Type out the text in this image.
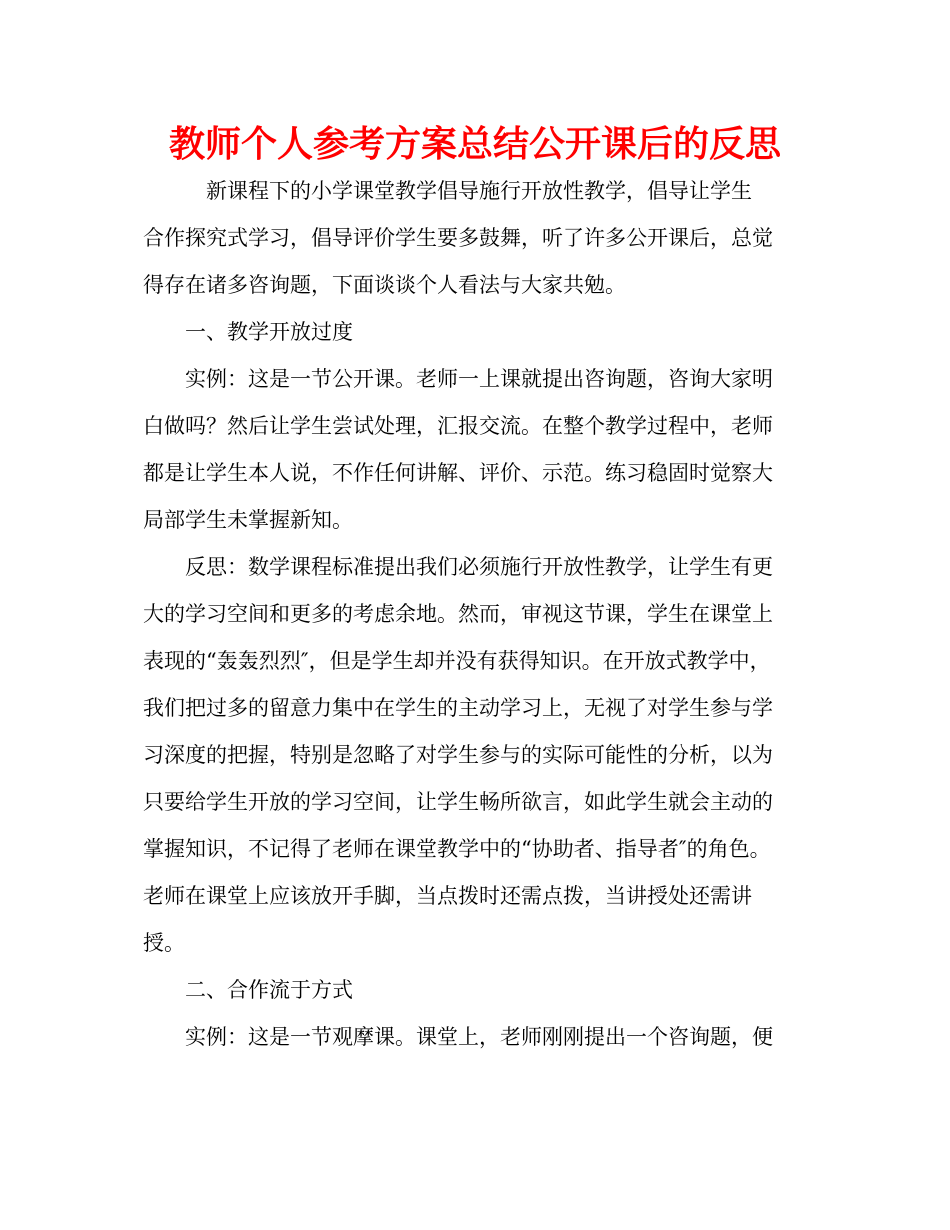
教师个人参考方案总结公开课后的反思
　　　新课程下的小学课堂教学倡导施行开放性教学，倡导让学生
合作探究式学习，倡导评价学生要多鼓舞，听了许多公开课后，总觉
得存在诸多咨询题，下面谈谈个人看法与大家共勉。
　　一、教学开放过度
　　实例：这是一节公开课。老师一上课就提出咨询题，咨询大家明
白做吗？然后让学生尝试处理，汇报交流。在整个教学过程中，老师
都是让学生本人说，不作任何讲解、评价、示范。练习稳固时觉察大
局部学生未掌握新知。
　　反思：数学课程标准提出我们必须施行开放性教学，让学生有更
大的学习空间和更多的考虑余地。然而，审视这节课，学生在课堂上
表现的“轰轰烈烈″，但是学生却并没有获得知识。在开放式教学中，
我们把过多的留意力集中在学生的主动学习上，无视了对学生参与学
习深度的把握，特别是忽略了对学生参与的实际可能性的分析，以为
只要给学生开放的学习空间，让学生畅所欲言，如此学生就会主动的
掌握知识，不记得了老师在课堂教学中的“协助者、指导者″的角色。
老师在课堂上应该放开手脚，当点拨时还需点拨，当讲授处还需讲
授。
　　二、合作流于方式
　　实例：这是一节观摩课。课堂上，老师刚刚提出一个咨询题，便
